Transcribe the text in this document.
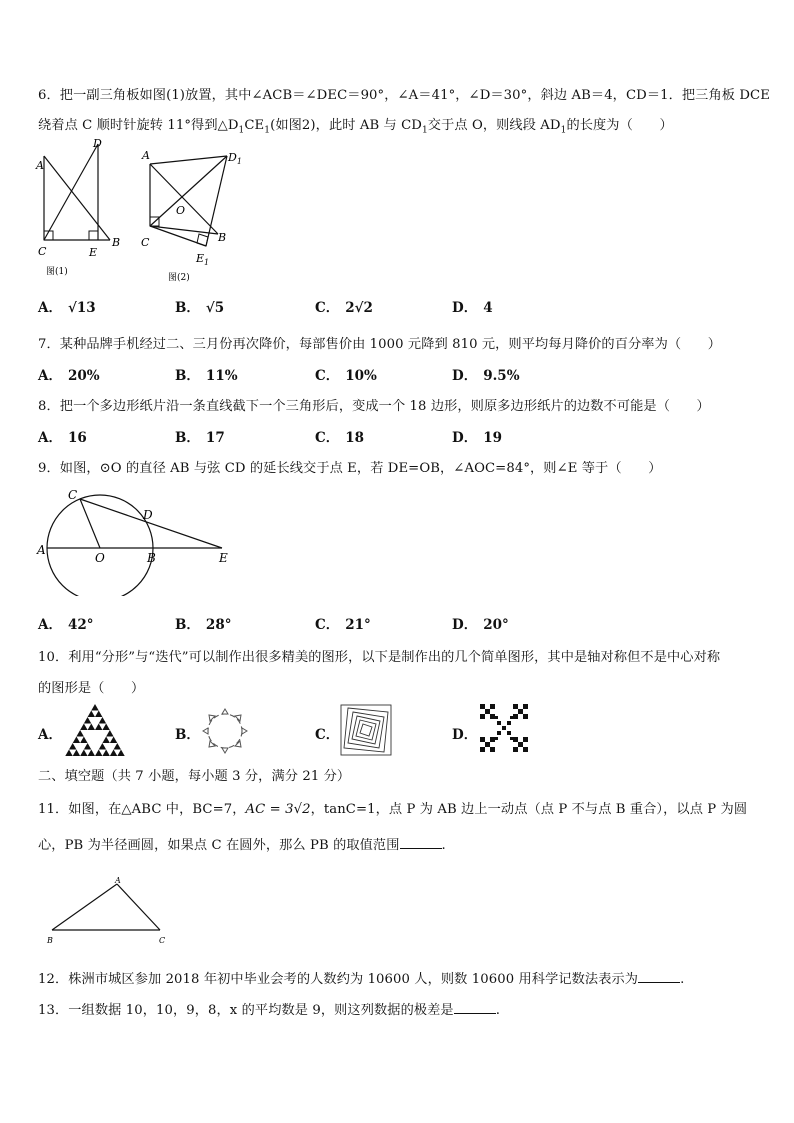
6．把一副三角板如图(1)放置，其中∠ACB＝∠DEC＝90°，∠A＝41°，∠D＝30°，斜边 AB＝4，CD＝1．把三角板 DCE
绕着点 C 顺时针旋转 11°得到$\triangle D_1CE_1$(如图2)，此时 AB 与 $CD_1$交于点 O，则线段 $AD_1$的长度为（　　）
A
D
C	E
B
图(1)
A	$D_1$
O
C	B
$E_1$
图(2)
A． √13	B． √5	C． 2√2	D． 4
7．某种品牌手机经过二、三月份再次降价，每部售价由 1000 元降到 810 元，则平均每月降价的百分率为（　　）
A． 20%	B． 11%	C． 10%	D． 9.5%
8．把一个多边形纸片沿一条直线截下一个三角形后，变成一个 18 边形，则原多边形纸片的边数不可能是（　　）
A． 16	B． 17	C． 18	D． 19
9．如图，⊙O 的直径 AB 与弦 CD 的延长线交于点 E，若 DE=OB，∠AOC=84°，则∠E 等于（　　）
C
D
A
O	B	E
A． 42°	B． 28°	C． 21°	D． 20°
10．利用“分形”与“迭代”可以制作出很多精美的图形，以下是制作出的几个简单图形，其中是轴对称但不是中心对称
的图形是（　　）
A．	B．	C．	D．
二、填空题（共 7 小题，每小题 3 分，满分 21 分）
11．如图，在△ABC 中，BC=7，AC = 3√2，tanC=1，点 P 为 AB 边上一动点（点 P 不与点 B 重合），以点 P 为圆
心，PB 为半径画圆，如果点 C 在圆外，那么 PB 的取值范围	.
A
B	C
12．株洲市城区参加 2018 年初中毕业会考的人数约为 10600 人，则数 10600 用科学记数法表示为	.
13．一组数据 10，10，9，8，x 的平均数是 9，则这列数据的极差是	.
